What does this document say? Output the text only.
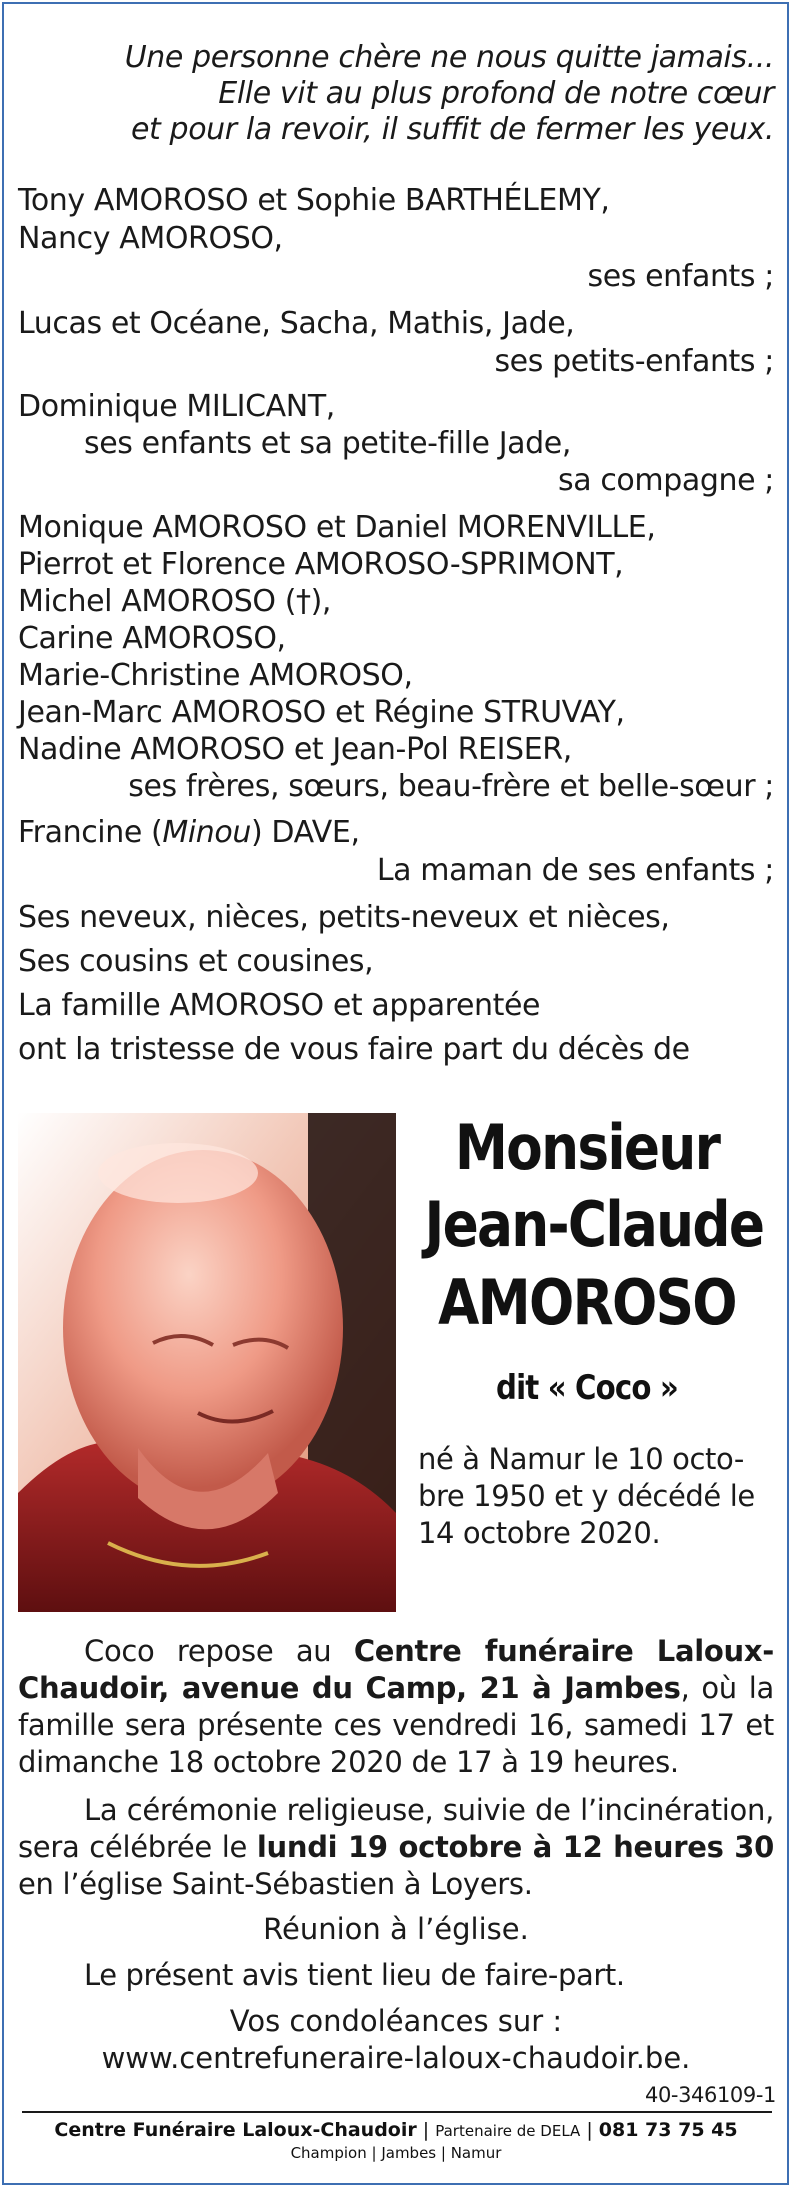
Une personne chère ne nous quitte jamais...
Elle vit au plus profond de notre cœur
et pour la revoir, il suffit de fermer les yeux.
Tony AMOROSO et Sophie BARTHÉLEMY,
Nancy AMOROSO,
ses enfants ;
Lucas et Océane, Sacha, Mathis, Jade,
ses petits-enfants ;
Dominique MILICANT,
ses enfants et sa petite-fille Jade,
sa compagne ;
Monique AMOROSO et Daniel MORENVILLE,
Pierrot et Florence AMOROSO-SPRIMONT,
Michel AMOROSO (†),
Carine AMOROSO,
Marie-Christine AMOROSO,
Jean-Marc AMOROSO et Régine STRUVAY,
Nadine AMOROSO et Jean-Pol REISER,
ses frères, sœurs, beau-frère et belle-sœur ;
Francine (Minou) DAVE,
La maman de ses enfants ;
Ses neveux, nièces, petits-neveux et nièces,
Ses cousins et cousines,
La famille AMOROSO et apparentée
ont la tristesse de vous faire part du décès de
Monsieur
Jean-Claude
AMOROSO
dit « Coco »
né à Namur le 10 octo-
bre 1950 et y décédé le
14 octobre 2020.
Coco repose au Centre funéraire Laloux-Chaudoir, avenue du Camp, 21 à Jambes, où la famille sera présente ces vendredi 16, samedi 17 et dimanche 18 octobre 2020 de 17 à 19 heures.
La cérémonie religieuse, suivie de l’incinération, sera célébrée le lundi 19 octobre à 12 heures 30 en l’église Saint-Sébastien à Loyers.
Réunion à l’église.
Le présent avis tient lieu de faire-part.
Vos condoléances sur :
www.centrefuneraire-laloux-chaudoir.be.
40-346109-1
Centre Funéraire Laloux-Chaudoir | Partenaire de DELA | 081 73 75 45
Champion | Jambes | Namur
